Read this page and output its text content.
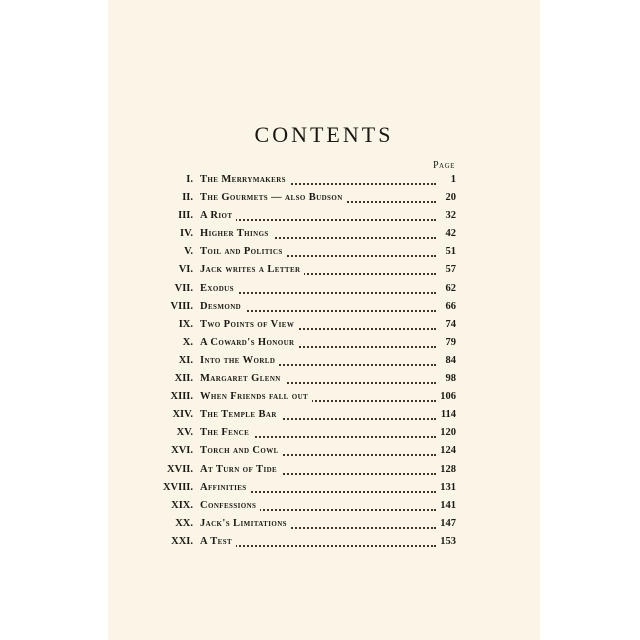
CONTENTS
Page
I. The Merrymakers	1
II. The Gourmets — also Budson	20
III. A Riot	32
IV. Higher Things	42
V. Toil and Politics	51
VI. Jack writes a Letter	57
VII. Exodus	62
VIII. Desmond	66
IX. Two Points of View	74
X. A Coward's Honour	79
XI. Into the World	84
XII. Margaret Glenn	98
XIII. When Friends fall out	106
XIV. The Temple Bar	114
XV. The Fence	120
XVI. Torch and Cowl	124
XVII. At Turn of Tide	128
XVIII. Affinities	131
XIX. Confessions	141
XX. Jack's Limitations	147
XXI. A Test	153
